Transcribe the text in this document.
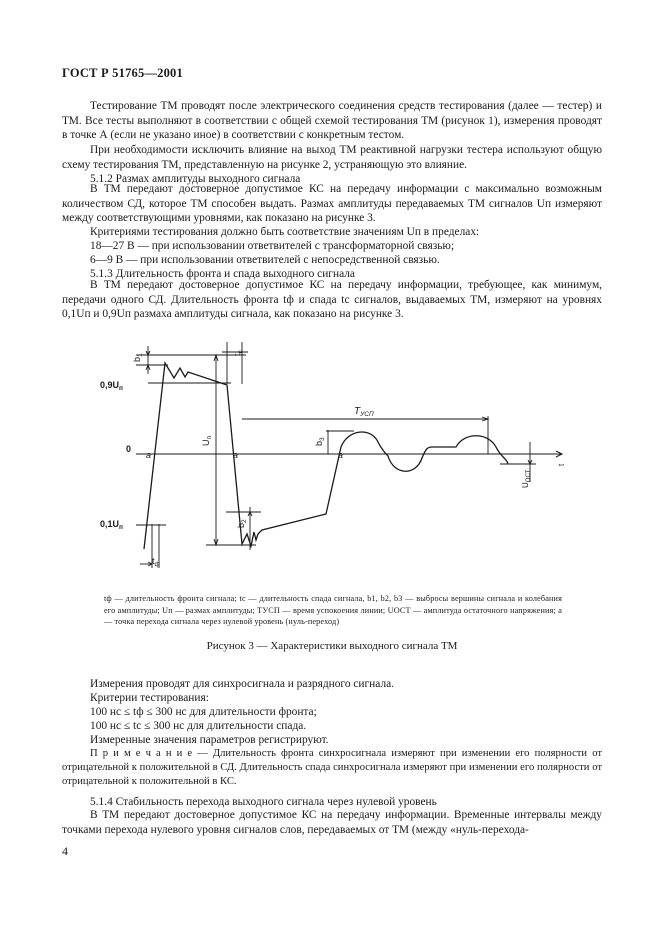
ГОСТ Р 51765—2001
Тестирование ТМ проводят после электрического соединения средств тестирования (далее — тестер) и ТМ. Все тесты выполняют в соответствии с общей схемой тестирования ТМ (рисунок 1), измерения проводят в точке А (если не указано иное) в соответствии с конкретным тестом.
При необходимости исключить влияние на выход ТМ реактивной нагрузки тестера используют общую схему тестирования ТМ, представленную на рисунке 2, устраняющую это влияние.
5.1.2 Размах амплитуды выходного сигнала
В ТМ передают достоверное допустимое КС на передачу информации с максимально возможным количеством СД, которое ТМ способен выдать. Размах амплитуды передаваемых ТМ сигналов Uп измеряют между соответствующими уровнями, как показано на рисунке 3.
Критериями тестирования должно быть соответствие значениям Uп в пределах:
18—27 В — при использовании ответвителей с трансформаторной связью;
6—9 В — при использовании ответвителей с непосредственной связью.
5.1.3 Длительность фронта и спада выходного сигнала
В ТМ передают достоверное допустимое КС на передачу информации, требующее, как минимум, передачи одного СД. Длительность фронта tф и спада tс сигналов, выдаваемых ТМ, измеряют на уровнях 0,1Uп и 0,9Uп размаха амплитуды сигнала, как показано на рисунке 3.
$0,9U_п$
0
$0,1U_п$
$b_1$	$t_c$
$U_п$
$b_2$
$b_3$
$t_ф$
$T_{УСП}$
$U_{ОСТ}$
a	a	a
t
tф — длительность фронта сигнала; tс — длительность спада сигнала, b1, b2, b3 — выбросы вершины сигнала и колебания его амплитуды; Uп — размах амплитуды; TУСП — время успокоения линии; UОСТ — амплитуда остаточного напряжения; a — точка перехода сигнала через нулевой уровень (нуль-переход)
Рисунок 3 — Характеристики выходного сигнала ТМ
Измерения проводят для синхросигнала и разрядного сигнала.
Критерии тестирования:
100 нс ≤ tф ≤ 300 нс для длительности фронта;
100 нс ≤ tс ≤ 300 нс для длительности спада.
Измеренные значения параметров регистрируют.
П р и м е ч а н и е — Длительность фронта синхросигнала измеряют при изменении его полярности от отрицательной к положительной в СД. Длительность спада синхросигнала измеряют при изменении его полярности от отрицательной к положительной в КС.
5.1.4 Стабильность перехода выходного сигнала через нулевой уровень
В ТМ передают достоверное допустимое КС на передачу информации. Временные интервалы между точками перехода нулевого уровня сигналов слов, передаваемых от ТМ (между «нуль-перехода-
4
